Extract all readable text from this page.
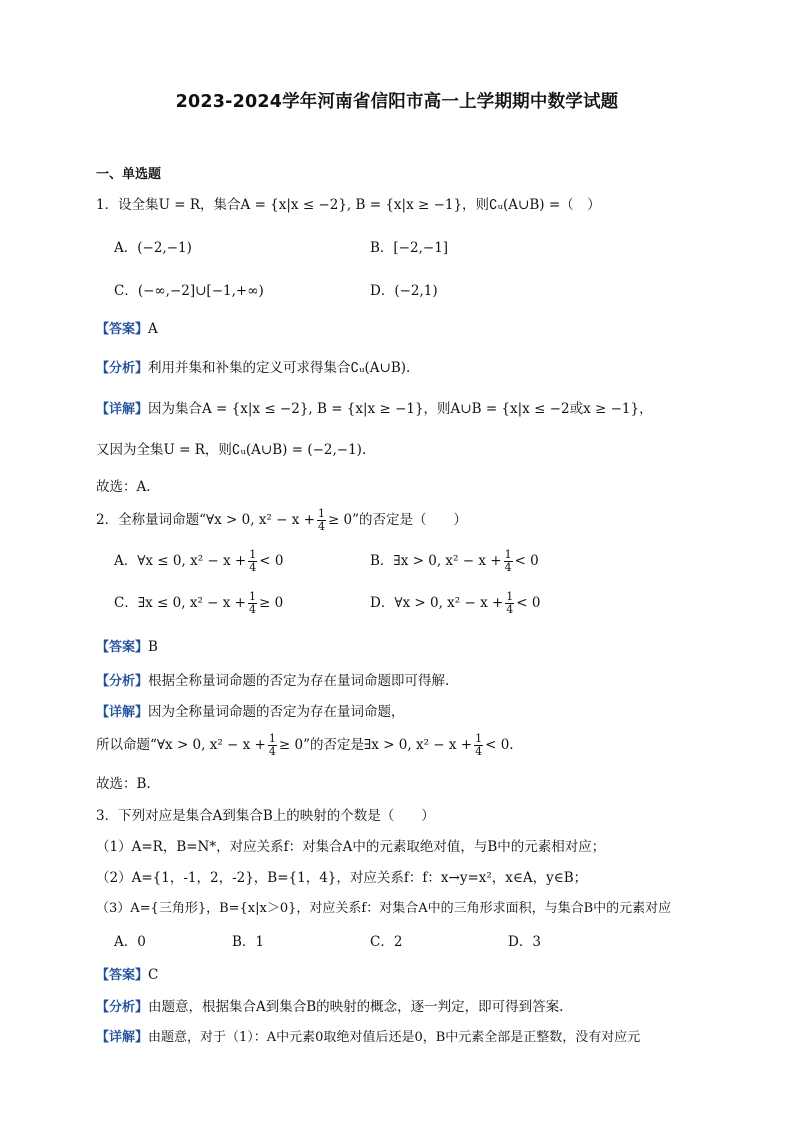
2023-2024学年河南省信阳市高一上学期期中数学试题
一、单选题
1．设全集U = R，集合A = {x|x ≤ −2}, B = {x|x ≥ −1}，则∁ᵤ(A∪B) =（　）
A．(−2,−1)	B．[−2,−1]
C．(−∞,−2]∪[−1,+∞)	D．(−2,1)
【答案】A
【分析】利用并集和补集的定义可求得集合∁ᵤ(A∪B).
【详解】因为集合A = {x|x ≤ −2}, B = {x|x ≥ −1}，则A∪B = {x|x ≤ −2或x ≥ −1}，
又因为全集U = R，则∁ᵤ(A∪B) = (−2,−1).
故选：A.
2．全称量词命题“∀x > 0, $x^2 - x + \frac{1}{4} \ge 0$”的否定是（　　）
A．∀x ≤ 0, $x^2 - x + \frac{1}{4} < 0$	B．∃x > 0, $x^2 - x + \frac{1}{4} < 0$
C．∃x ≤ 0, $x^2 - x + \frac{1}{4} \ge 0$	D．∀x > 0, $x^2 - x + \frac{1}{4} < 0$
【答案】B
【分析】根据全称量词命题的否定为存在量词命题即可得解.
【详解】因为全称量词命题的否定为存在量词命题，
所以命题“∀x > 0, $x^2 - x + \frac{1}{4} \ge 0$”的否定是∃x > 0, $x^2 - x + \frac{1}{4} < 0$.
故选：B.
3．下列对应是集合A到集合B上的映射的个数是（　　）
（1）A=R，B=N*，对应关系f：对集合A中的元素取绝对值，与B中的元素相对应；
（2）A={1，-1，2，-2}，B={1，4}，对应关系f：f：x→y=x²，x∈A，y∈B；
（3）A={三角形}，B={x|x＞0}，对应关系f：对集合A中的三角形求面积，与集合B中的元素对应
A．0	B．1	C．2	D．3
【答案】C
【分析】由题意，根据集合A到集合B的映射的概念，逐一判定，即可得到答案.
【详解】由题意，对于（1）：A中元素0取绝对值后还是0，B中元素全部是正整数，没有对应元
